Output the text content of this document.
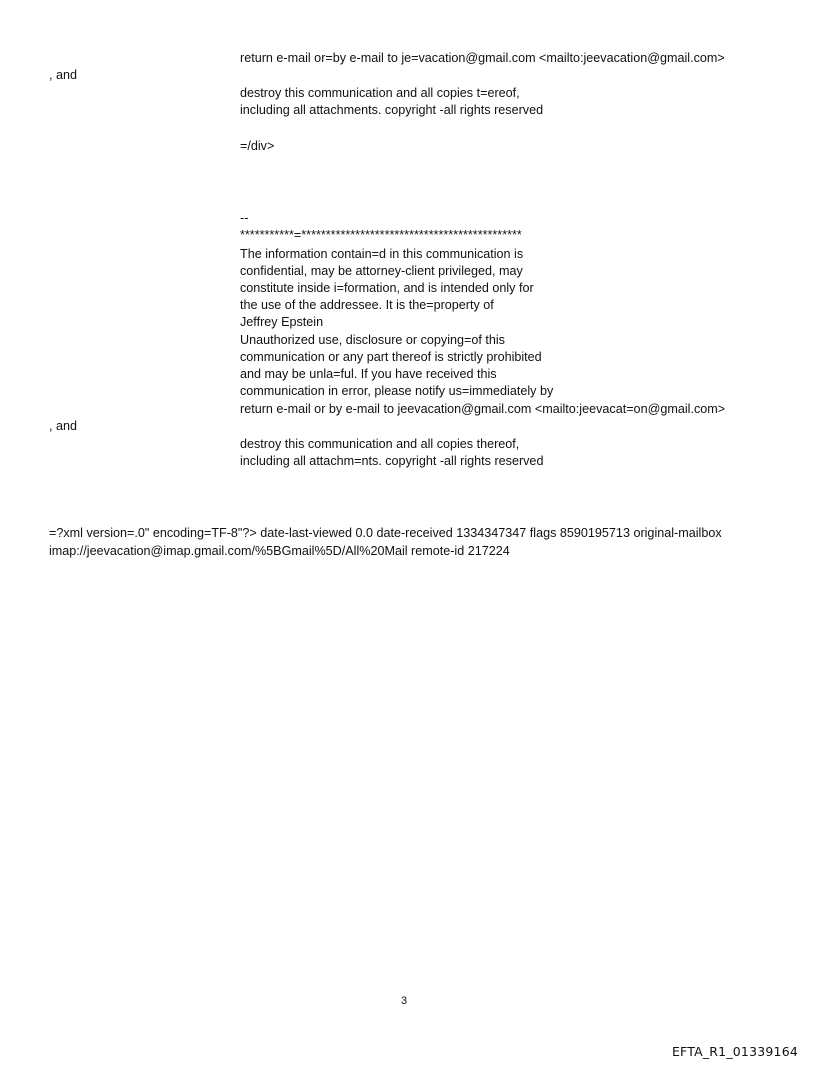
return e-mail or=by e-mail to je=vacation@gmail.com <mailto:jeevacation@gmail.com>
, and
destroy this communication and all copies t=ereof,
including all attachments. copyright -all rights reserved
=/div>
--
***********=*********************************************
The information contain=d in this communication is
confidential, may be attorney-client privileged, may
constitute inside i=formation, and is intended only for
the use of the addressee. It is the=property of
Jeffrey Epstein
Unauthorized use, disclosure or copying=of this
communication or any part thereof is strictly prohibited
and may be unla=ful. If you have received this
communication in error, please notify us=immediately by
return e-mail or by e-mail to jeevacation@gmail.com <mailto:jeevacat=on@gmail.com>
, and
destroy this communication and all copies thereof,
including all attachm=nts. copyright -all rights reserved
=?xml version=.0" encoding=TF-8"?> date-last-viewed 0.0 date-received 1334347347 flags 8590195713 original-mailbox
imap://jeevacation@imap.gmail.com/%5BGmail%5D/All%20Mail remote-id 217224
3
EFTA_R1_01339164
